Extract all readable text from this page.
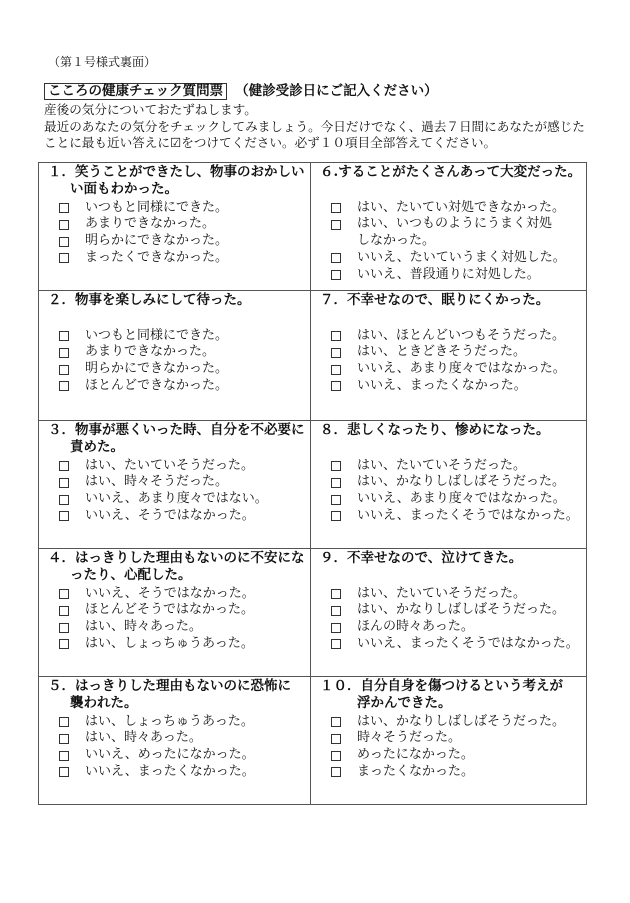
（第１号様式裏面）
こころの健康チェック質問票 （健診受診日にご記入ください）
産後の気分についておたずねします。
最近のあなたの気分をチェックしてみましょう。今日だけでなく、過去７日間にあなたが感じた
ことに最も近い答えに☑をつけてください。必ず１０項目全部答えてください。
１．笑うことができたし、物事のおかしい
い面もわかった。
いつもと同様にできた。
あまりできなかった。
明らかにできなかった。
まったくできなかった。
６.することがたくさんあって大変だった。
はい、たいてい対処できなかった。
はい、いつものようにうまく対処
しなかった。
いいえ、たいていうまく対処した。
いいえ、普段通りに対処した。
２．物事を楽しみにして待った。
いつもと同様にできた。
あまりできなかった。
明らかにできなかった。
ほとんどできなかった。
７．不幸せなので、眠りにくかった。
はい、ほとんどいつもそうだった。
はい、ときどきそうだった。
いいえ、あまり度々ではなかった。
いいえ、まったくなかった。
３．物事が悪くいった時、自分を不必要に
責めた。
はい、たいていそうだった。
はい、時々そうだった。
いいえ、あまり度々ではない。
いいえ、そうではなかった。
８．悲しくなったり、惨めになった。
はい、たいていそうだった。
はい、かなりしばしばそうだった。
いいえ、あまり度々ではなかった。
いいえ、まったくそうではなかった。
４．はっきりした理由もないのに不安にな
ったり、心配した。
いいえ、そうではなかった。
ほとんどそうではなかった。
はい、時々あった。
はい、しょっちゅうあった。
９．不幸せなので、泣けてきた。
はい、たいていそうだった。
はい、かなりしばしばそうだった。
ほんの時々あった。
いいえ、まったくそうではなかった。
５．はっきりした理由もないのに恐怖に
襲われた。
はい、しょっちゅうあった。
はい、時々あった。
いいえ、めったになかった。
いいえ、まったくなかった。
１０．自分自身を傷つけるという考えが
浮かんできた。
はい、かなりしばしばそうだった。
時々そうだった。
めったになかった。
まったくなかった。
